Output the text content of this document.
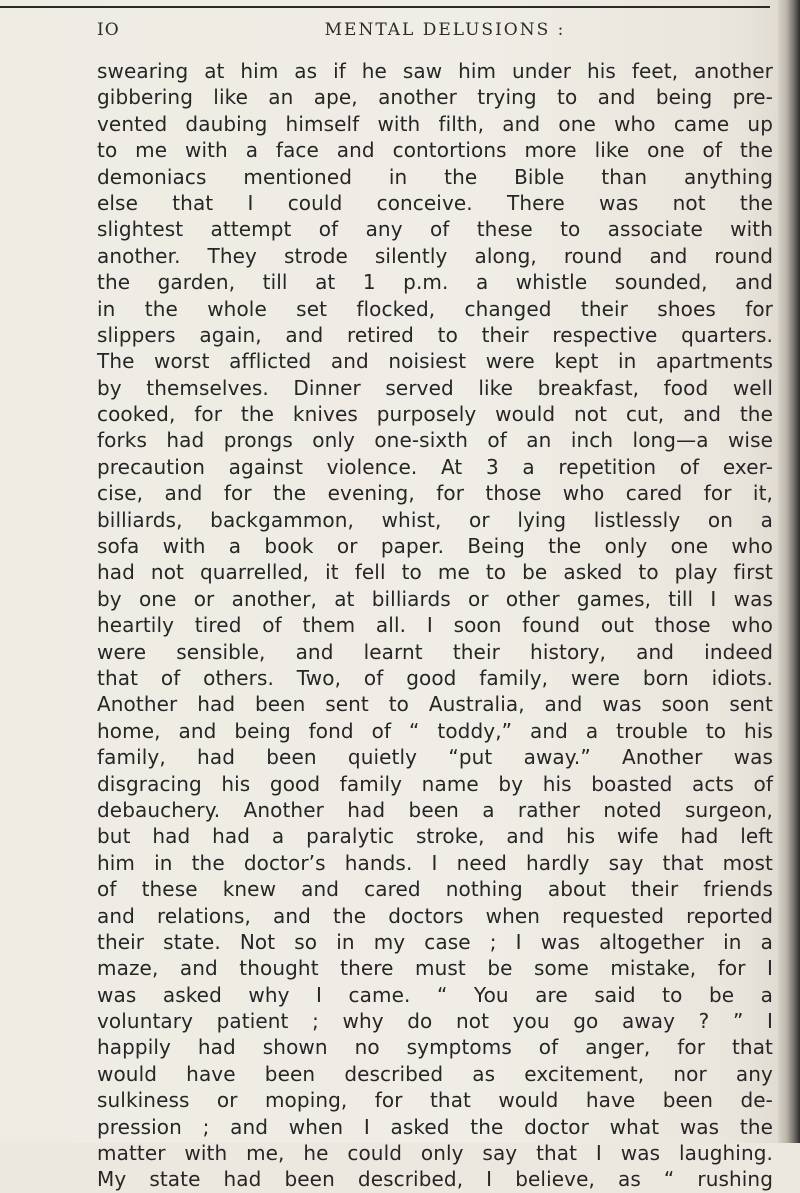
IO	MENTAL DELUSIONS :
swearing at him as if he saw him under his feet, another
gibbering like an ape, another trying to and being pre-
vented daubing himself with filth, and one who came up
to me with a face and contortions more like one of the
demoniacs mentioned in the Bible than anything
else that I could conceive. There was not the
slightest attempt of any of these to associate with
another. They strode silently along, round and round
the garden, till at 1 p.m. a whistle sounded, and
in the whole set flocked, changed their shoes for
slippers again, and retired to their respective quarters.
The worst afflicted and noisiest were kept in apartments
by themselves. Dinner served like breakfast, food well
cooked, for the knives purposely would not cut, and the
forks had prongs only one-sixth of an inch long—a wise
precaution against violence. At 3 a repetition of exer-
cise, and for the evening, for those who cared for it,
billiards, backgammon, whist, or lying listlessly on a
sofa with a book or paper. Being the only one who
had not quarrelled, it fell to me to be asked to play first
by one or another, at billiards or other games, till I was
heartily tired of them all. I soon found out those who
were sensible, and learnt their history, and indeed
that of others. Two, of good family, were born idiots.
Another had been sent to Australia, and was soon sent
home, and being fond of “ toddy,” and a trouble to his
family, had been quietly “put away.” Another was
disgracing his good family name by his boasted acts of
debauchery. Another had been a rather noted surgeon,
but had had a paralytic stroke, and his wife had left
him in the doctor’s hands. I need hardly say that most
of these knew and cared nothing about their friends
and relations, and the doctors when requested reported
their state. Not so in my case ; I was altogether in a
maze, and thought there must be some mistake, for I
was asked why I came. “ You are said to be a
voluntary patient ; why do not you go away ? ” I
happily had shown no symptoms of anger, for that
would have been described as excitement, nor any
sulkiness or moping, for that would have been de-
pression ; and when I asked the doctor what was the
matter with me, he could only say that I was laughing.
My state had been described, I believe, as “ rushing
